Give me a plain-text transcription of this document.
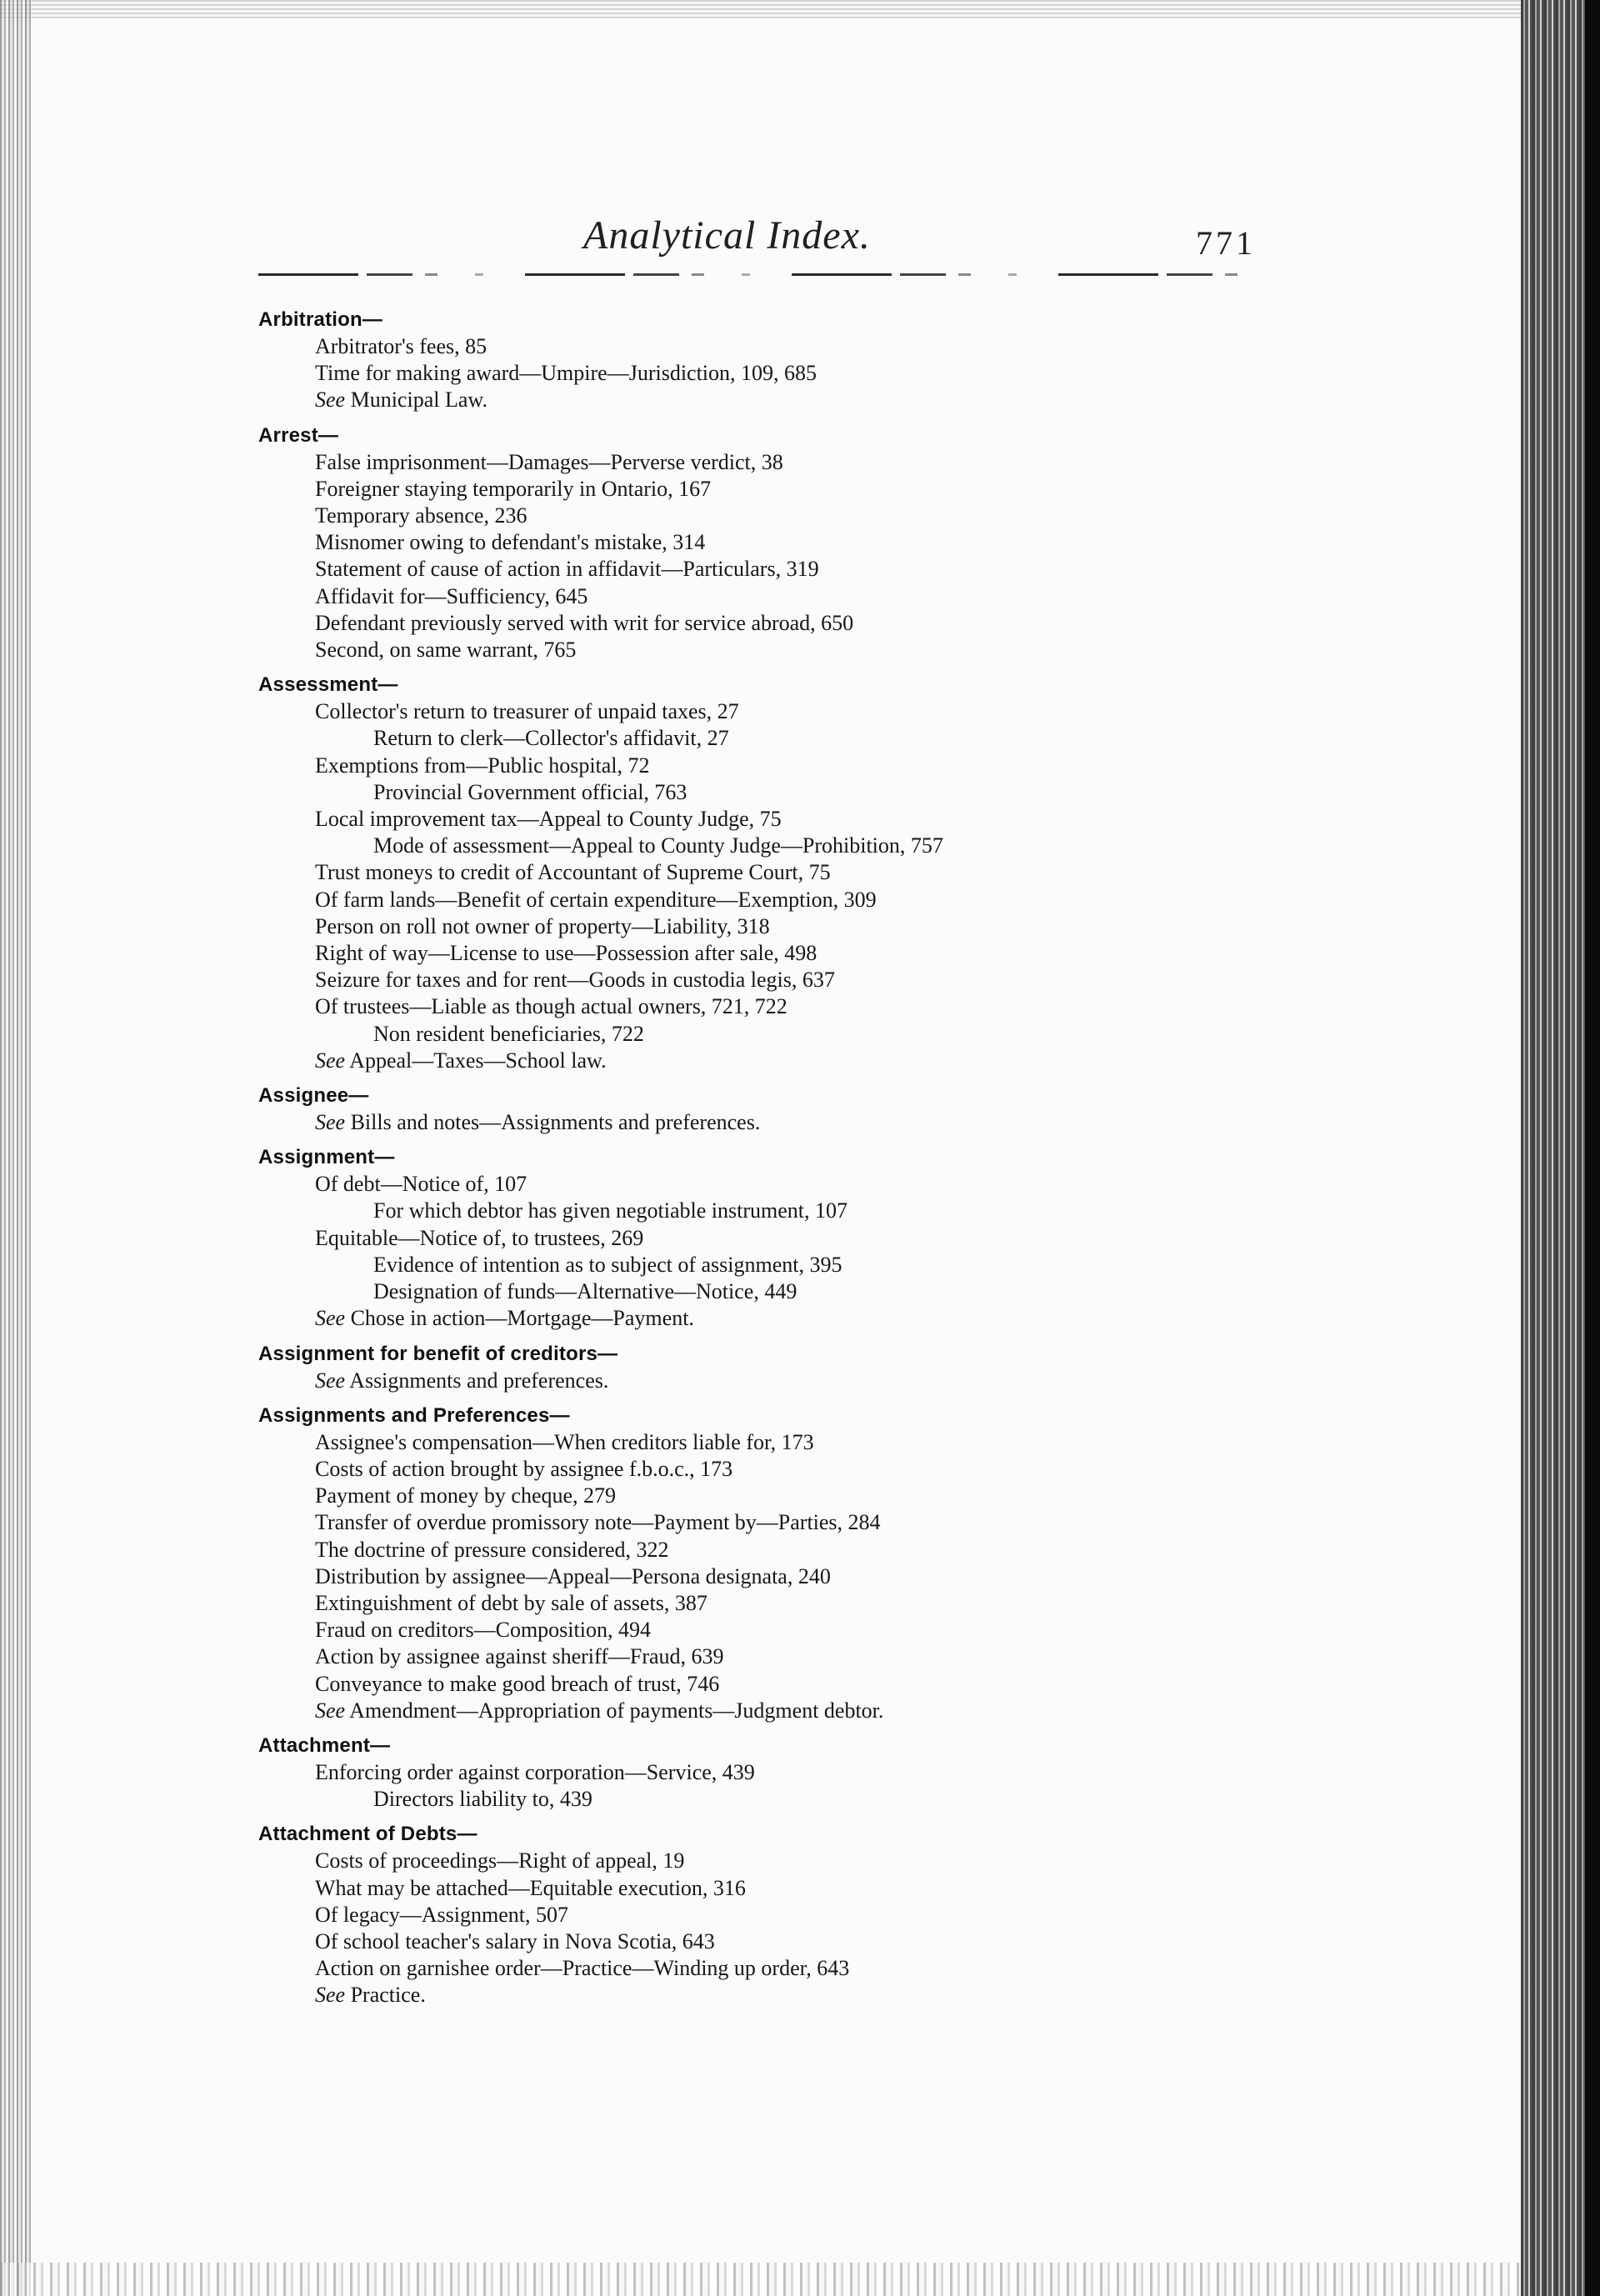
Analytical Index.	771
Arbitration—
Arbitrator's fees, 85
Time for making award—Umpire—Jurisdiction, 109, 685
See Municipal Law.
Arrest—
False imprisonment—Damages—Perverse verdict, 38
Foreigner staying temporarily in Ontario, 167
Temporary absence, 236
Misnomer owing to defendant's mistake, 314
Statement of cause of action in affidavit—Particulars, 319
Affidavit for—Sufficiency, 645
Defendant previously served with writ for service abroad, 650
Second, on same warrant, 765
Assessment—
Collector's return to treasurer of unpaid taxes, 27
Return to clerk—Collector's affidavit, 27
Exemptions from—Public hospital, 72
Provincial Government official, 763
Local improvement tax—Appeal to County Judge, 75
Mode of assessment—Appeal to County Judge—Prohibition, 757
Trust moneys to credit of Accountant of Supreme Court, 75
Of farm lands—Benefit of certain expenditure—Exemption, 309
Person on roll not owner of property—Liability, 318
Right of way—License to use—Possession after sale, 498
Seizure for taxes and for rent—Goods in custodia legis, 637
Of trustees—Liable as though actual owners, 721, 722
Non resident beneficiaries, 722
See Appeal—Taxes—School law.
Assignee—
See Bills and notes—Assignments and preferences.
Assignment—
Of debt—Notice of, 107
For which debtor has given negotiable instrument, 107
Equitable—Notice of, to trustees, 269
Evidence of intention as to subject of assignment, 395
Designation of funds—Alternative—Notice, 449
See Chose in action—Mortgage—Payment.
Assignment for benefit of creditors—
See Assignments and preferences.
Assignments and Preferences—
Assignee's compensation—When creditors liable for, 173
Costs of action brought by assignee f.b.o.c., 173
Payment of money by cheque, 279
Transfer of overdue promissory note—Payment by—Parties, 284
The doctrine of pressure considered, 322
Distribution by assignee—Appeal—Persona designata, 240
Extinguishment of debt by sale of assets, 387
Fraud on creditors—Composition, 494
Action by assignee against sheriff—Fraud, 639
Conveyance to make good breach of trust, 746
See Amendment—Appropriation of payments—Judgment debtor.
Attachment—
Enforcing order against corporation—Service, 439
Directors liability to, 439
Attachment of Debts—
Costs of proceedings—Right of appeal, 19
What may be attached—Equitable execution, 316
Of legacy—Assignment, 507
Of school teacher's salary in Nova Scotia, 643
Action on garnishee order—Practice—Winding up order, 643
See Practice.
